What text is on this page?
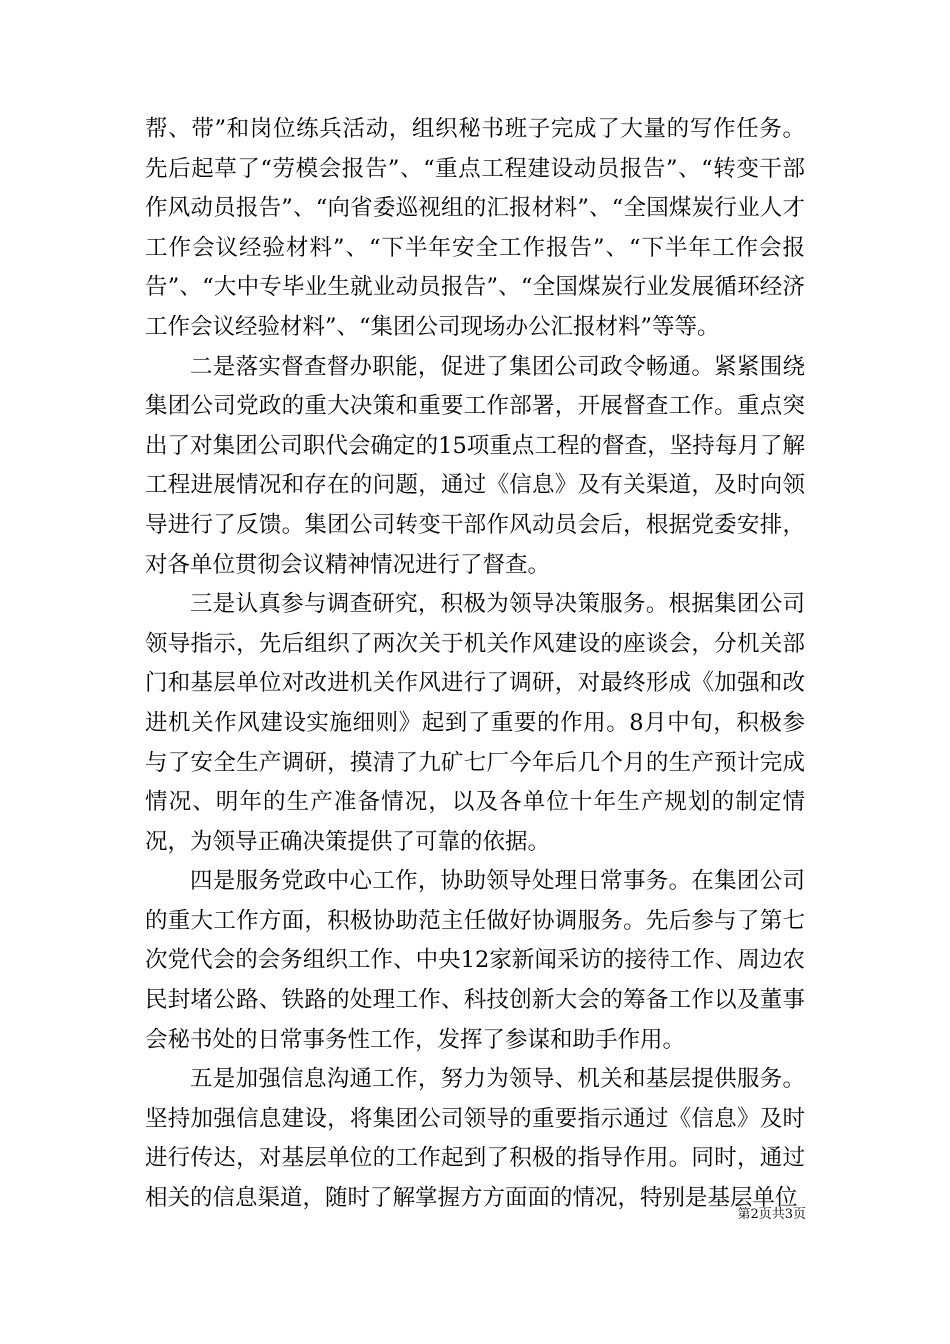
帮、带”和岗位练兵活动，组织秘书班子完成了大量的写作任务。先后起草了“劳模会报告”、“重点工程建设动员报告”、“转变干部作风动员报告”、“向省委巡视组的汇报材料”、“全国煤炭行业人才工作会议经验材料”、“下半年安全工作报告”、“下半年工作会报告”、“大中专毕业生就业动员报告”、“全国煤炭行业发展循环经济工作会议经验材料”、“集团公司现场办公汇报材料”等等。

二是落实督查督办职能，促进了集团公司政令畅通。紧紧围绕集团公司党政的重大决策和重要工作部署，开展督查工作。重点突出了对集团公司职代会确定的15项重点工程的督查，坚持每月了解工程进展情况和存在的问题，通过《信息》及有关渠道，及时向领导进行了反馈。集团公司转变干部作风动员会后，根据党委安排，对各单位贯彻会议精神情况进行了督查。

三是认真参与调查研究，积极为领导决策服务。根据集团公司领导指示，先后组织了两次关于机关作风建设的座谈会，分机关部门和基层单位对改进机关作风进行了调研，对最终形成《加强和改进机关作风建设实施细则》起到了重要的作用。8月中旬，积极参与了安全生产调研，摸清了九矿七厂今年后几个月的生产预计完成情况、明年的生产准备情况，以及各单位十年生产规划的制定情况，为领导正确决策提供了可靠的依据。

四是服务党政中心工作，协助领导处理日常事务。在集团公司的重大工作方面，积极协助范主任做好协调服务。先后参与了第七次党代会的会务组织工作、中央12家新闻采访的接待工作、周边农民封堵公路、铁路的处理工作、科技创新大会的筹备工作以及董事会秘书处的日常事务性工作，发挥了参谋和助手作用。

五是加强信息沟通工作，努力为领导、机关和基层提供服务。坚持加强信息建设，将集团公司领导的重要指示通过《信息》及时进行传达，对基层单位的工作起到了积极的指导作用。同时，通过相关的信息渠道，随时了解掌握方方面面的情况，特别是基层单位

第2页共3页
